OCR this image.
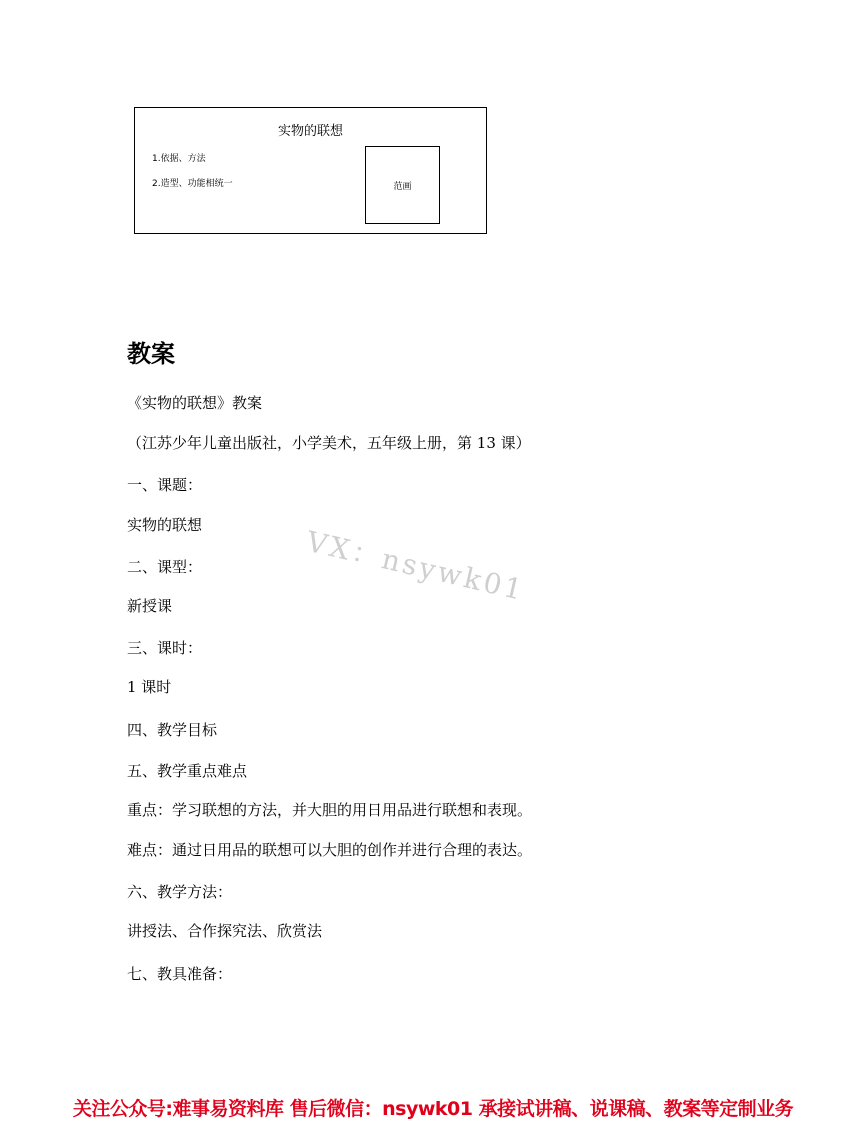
实物的联想
1.依据、方法
2.造型、功能相统一	范画
教案
《实物的联想》教案
（江苏少年儿童出版社，小学美术，五年级上册，第 13 课）
一、课题：
实物的联想
二、课型：
新授课
三、课时：
1 课时
四、教学目标
五、教学重点难点
重点：学习联想的方法，并大胆的用日用品进行联想和表现。
难点：通过日用品的联想可以大胆的创作并进行合理的表达。
六、教学方法：
讲授法、合作探究法、欣赏法
七、教具准备：
VX：nsywk01
关注公众号:难事易资料库 售后微信：nsywk01 承接试讲稿、说课稿、教案等定制业务
